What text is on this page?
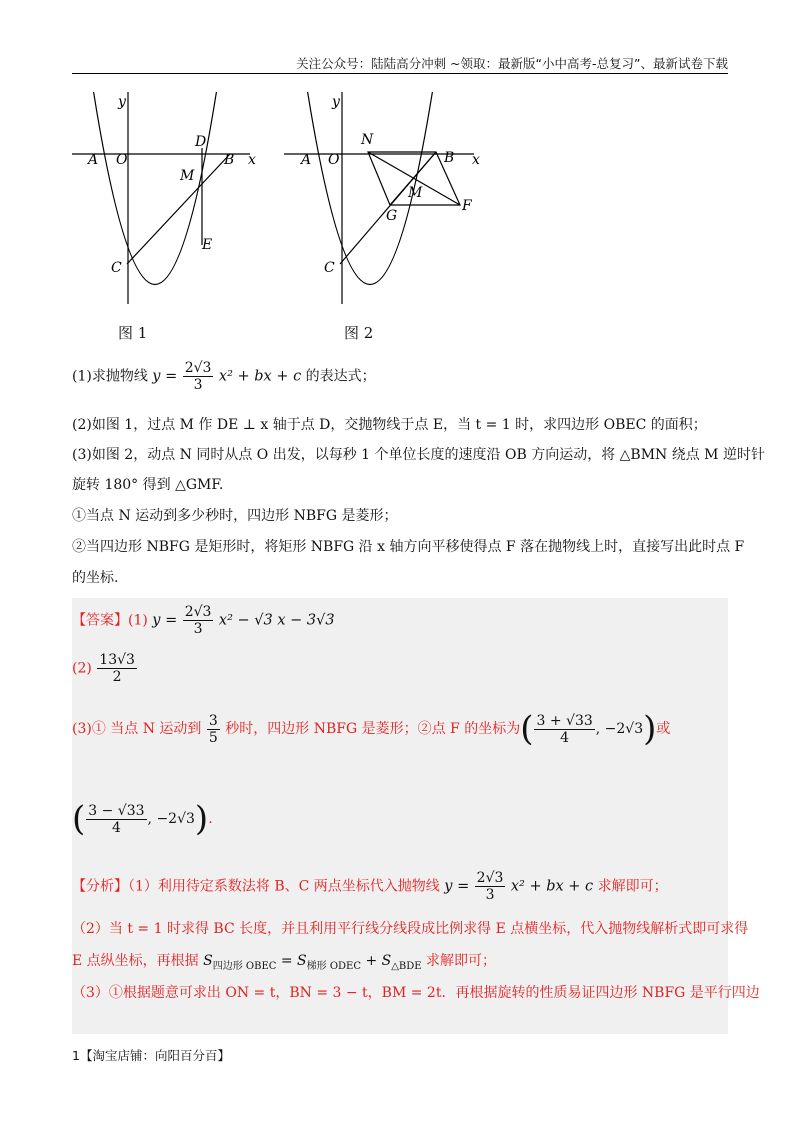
关注公众号：陆陆高分冲刺 ~领取：最新版“小中高考-总复习”、最新试卷下载
y
x
A O
D
B
M
E
C
图 1
y
x
A O
N
B
M
G
F
C
图 2
(1)求抛物线 $y = \frac{2√3}{3} x^2$ + bx + c 的表达式；
(2)如图 1，过点 M 作 DE ⊥ x 轴于点 D，交抛物线于点 E，当 t = 1 时，求四边形 OBEC 的面积；
(3)如图 2，动点 N 同时从点 O 出发，以每秒 1 个单位长度的速度沿 OB 方向运动，将 △BMN 绕点 M 逆时针
旋转 180° 得到 △GMF.
①当点 N 运动到多少秒时，四边形 NBFG 是菱形；
②当四边形 NBFG 是矩形时，将矩形 NBFG 沿 x 轴方向平移使得点 F 落在抛物线上时，直接写出此时点 F
的坐标.
【答案】(1) $y = \frac{2√3}{3} x^2 - √3$ x − 3√3
$(2) \frac{13√3}{2}$
(3)① 当点 N 运动到 $\frac{3}{5}$ 秒时，四边形 NBFG 是菱形；②点 F 的坐标为( $\frac{3 + √33}{4}$ , −2√3)或
( $\frac{3 - √33}{4}$ , −2√3).
【分析】（1）利用待定系数法将 B、C 两点坐标代入抛物线 $y = \frac{2√3}{3} x^2$ + bx + c 求解即可；
（2）当 t = 1 时求得 BC 长度，并且利用平行线分线段成比例求得 E 点横坐标，代入抛物线解析式即可求得
E 点纵坐标，再根据 $S_{四边形 OBEC} = S_{梯形 ODEC} + S_{\triangle BDE}$ 求解即可；
（3）①根据题意可求出 ON = t，BN = 3 − t，BM = 2t．再根据旋转的性质易证四边形 NBFG 是平行四边
1【淘宝店铺：向阳百分百】
